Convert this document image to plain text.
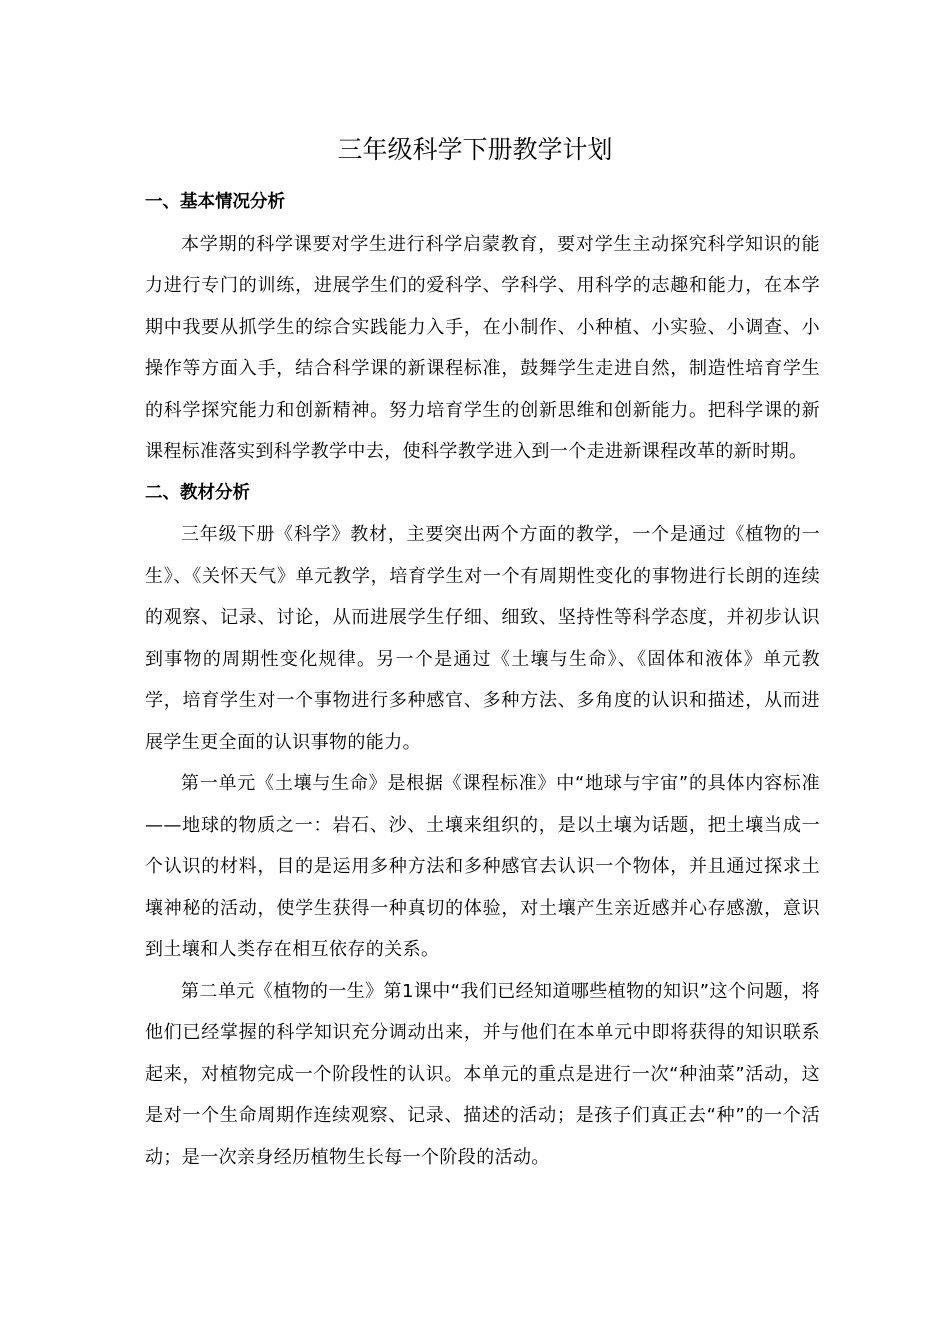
三年级科学下册教学计划
一、基本情况分析

本学期的科学课要对学生进行科学启蒙教育，要对学生主动探究科学知识的能力进行专门的训练，进展学生们的爱科学、学科学、用科学的志趣和能力，在本学期中我要从抓学生的综合实践能力入手，在小制作、小种植、小实验、小调查、小操作等方面入手，结合科学课的新课程标准，鼓舞学生走进自然，制造性培育学生的科学探究能力和创新精神。努力培育学生的创新思维和创新能力。把科学课的新课程标准落实到科学教学中去，使科学教学进入到一个走进新课程改革的新时期。

二、教材分析

三年级下册《科学》教材，主要突出两个方面的教学，一个是通过《植物的一生》、《关怀天气》单元教学，培育学生对一个有周期性变化的事物进行长朗的连续的观察、记录、讨论，从而进展学生仔细、细致、坚持性等科学态度，并初步认识到事物的周期性变化规律。另一个是通过《土壤与生命》、《固体和液体》单元教学，培育学生对一个事物进行多种感官、多种方法、多角度的认识和描述，从而进展学生更全面的认识事物的能力。

第一单元《土壤与生命》是根据《课程标准》中“地球与宇宙”的具体内容标准——地球的物质之一：岩石、沙、土壤来组织的，是以土壤为话题，把土壤当成一个认识的材料，目的是运用多种方法和多种感官去认识一个物体，并且通过探求土壤神秘的活动，使学生获得一种真切的体验，对土壤产生亲近感并心存感激，意识到土壤和人类存在相互依存的关系。

第二单元《植物的一生》第1课中“我们已经知道哪些植物的知识”这个问题，将他们已经掌握的科学知识充分调动出来，并与他们在本单元中即将获得的知识联系起来，对植物完成一个阶段性的认识。本单元的重点是进行一次“种油菜”活动，这是对一个生命周期作连续观察、记录、描述的活动；是孩子们真正去“种”的一个活动；是一次亲身经历植物生长每一个阶段的活动。
